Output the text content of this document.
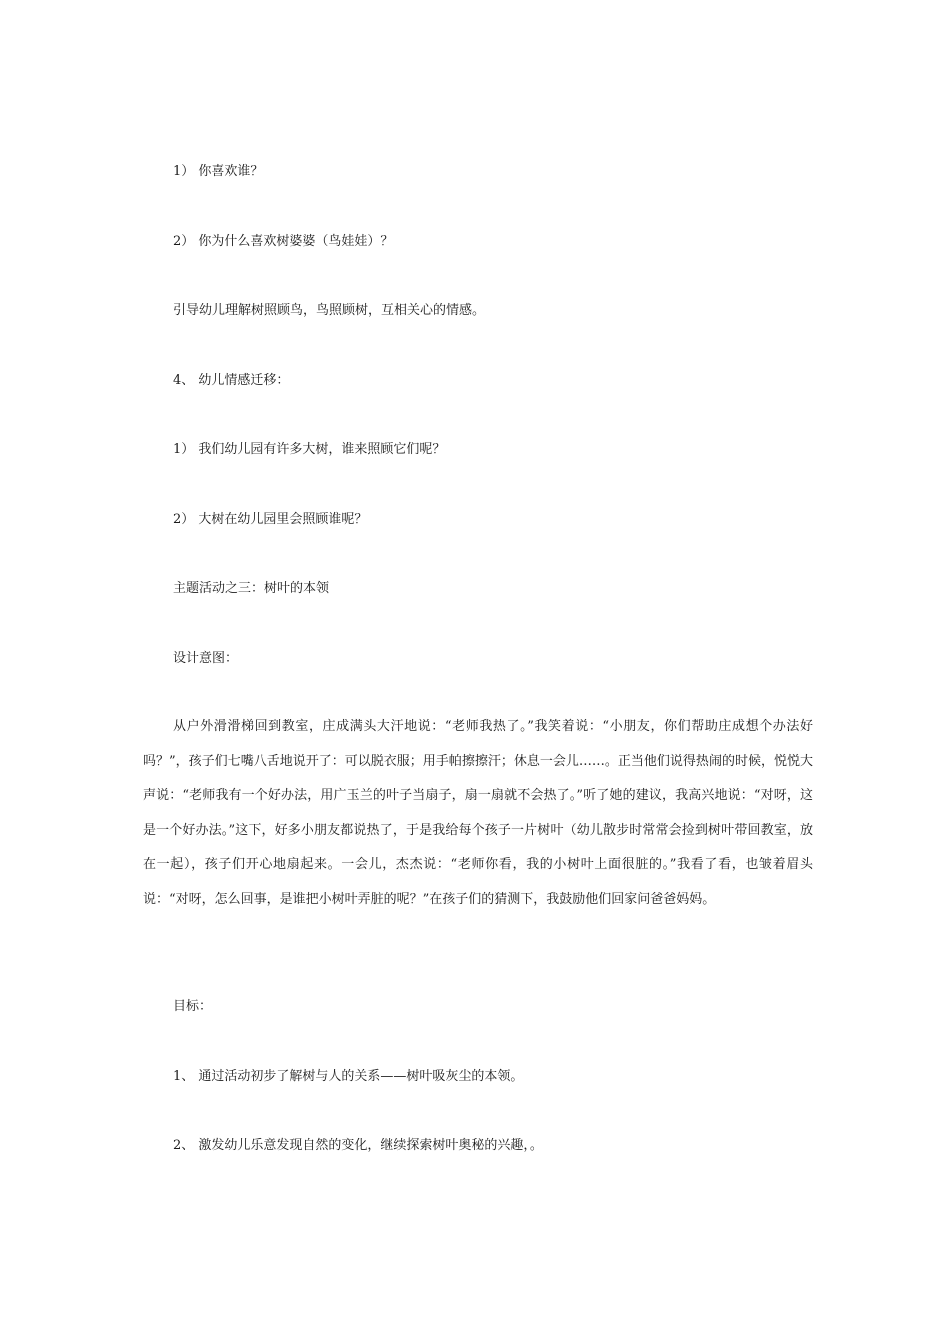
1） 你喜欢谁？
2） 你为什么喜欢树婆婆（鸟娃娃）？
引导幼儿理解树照顾鸟，鸟照顾树，互相关心的情感。
4、 幼儿情感迁移：
1） 我们幼儿园有许多大树，谁来照顾它们呢？
2） 大树在幼儿园里会照顾谁呢？
主题活动之三：树叶的本领
设计意图：
从户外滑滑梯回到教室，庄成满头大汗地说：“老师我热了。”我笑着说：“小朋友，你们帮助庄成想个办法好吗？”，孩子们七嘴八舌地说开了：可以脱衣服；用手帕擦擦汗；休息一会儿……。正当他们说得热闹的时候，悦悦大声说：“老师我有一个好办法，用广玉兰的叶子当扇子，扇一扇就不会热了。”听了她的建议，我高兴地说：“对呀，这是一个好办法。”这下，好多小朋友都说热了，于是我给每个孩子一片树叶（幼儿散步时常常会捡到树叶带回教室，放在一起），孩子们开心地扇起来。一会儿，杰杰说：“老师你看，我的小树叶上面很脏的。”我看了看，也皱着眉头说：“对呀，怎么回事，是谁把小树叶弄脏的呢？”在孩子们的猜测下，我鼓励他们回家问爸爸妈妈。
目标：
1、 通过活动初步了解树与人的关系——树叶吸灰尘的本领。
2、 激发幼儿乐意发现自然的变化，继续探索树叶奥秘的兴趣，。
